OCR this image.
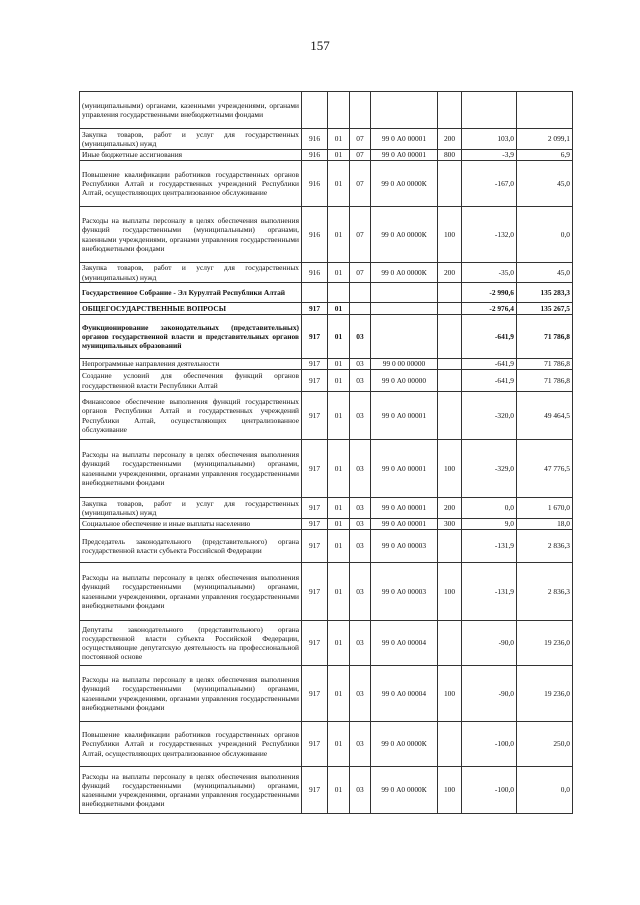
157
(муниципальными) органами, казенными учреждениями, органами управления государственными внебюджетными фондами							
Закупка товаров, работ и услуг для государственных (муниципальных) нужд	916	01	07	99 0 А0 00001	200	103,0	2 099,1
Иные бюджетные ассигнования	916	01	07	99 0 А0 00001	800	-3,9	6,9
Повышение квалификации работников государственных органов Республики Алтай и государственных учреждений Республики Алтай, осуществляющих централизованное обслуживание	916	01	07	99 0 А0 0000К		-167,0	45,0
Расходы на выплаты персоналу в целях обеспечения выполнения функций государственными (муниципальными) органами, казенными учреждениями, органами управления государственными внебюджетными фондами	916	01	07	99 0 А0 0000К	100	-132,0	0,0
Закупка товаров, работ и услуг для государственных (муниципальных) нужд	916	01	07	99 0 А0 0000К	200	-35,0	45,0
Государственное Собрание - Эл Курултай Республики Алтай						-2 990,6	135 283,3
ОБЩЕГОСУДАРСТВЕННЫЕ ВОПРОСЫ	917	01				-2 976,4	135 267,5
Функционирование законодательных (представительных) органов государственной власти и представительных органов муниципальных образований	917	01	03			-641,9	71 786,8
Непрограммные направления деятельности	917	01	03	99 0 00 00000		-641,9	71 786,8
Создание условий для обеспечения функций органов государственной власти Республики Алтай	917	01	03	99 0 А0 00000		-641,9	71 786,8
Финансовое обеспечение выполнения функций государственных органов Республики Алтай и государственных учреждений Республики Алтай, осуществляющих централизованное обслуживание	917	01	03	99 0 А0 00001		-320,0	49 464,5
Расходы на выплаты персоналу в целях обеспечения выполнения функций государственными (муниципальными) органами, казенными учреждениями, органами управления государственными внебюджетными фондами	917	01	03	99 0 А0 00001	100	-329,0	47 776,5
Закупка товаров, работ и услуг для государственных (муниципальных) нужд	917	01	03	99 0 А0 00001	200	0,0	1 670,0
Социальное обеспечение и иные выплаты населению	917	01	03	99 0 А0 00001	300	9,0	18,0
Председатель законодательного (представительного) органа государственной власти субъекта Российской Федерации	917	01	03	99 0 А0 00003		-131,9	2 836,3
Расходы на выплаты персоналу в целях обеспечения выполнения функций государственными (муниципальными) органами, казенными учреждениями, органами управления государственными внебюджетными фондами	917	01	03	99 0 А0 00003	100	-131,9	2 836,3
Депутаты законодательного (представительного) органа государственной власти субъекта Российской Федерации, осуществляющие депутатскую деятельность на профессиональной постоянной основе	917	01	03	99 0 А0 00004		-90,0	19 236,0
Расходы на выплаты персоналу в целях обеспечения выполнения функций государственными (муниципальными) органами, казенными учреждениями, органами управления государственными внебюджетными фондами	917	01	03	99 0 А0 00004	100	-90,0	19 236,0
Повышение квалификации работников государственных органов Республики Алтай и государственных учреждений Республики Алтай, осуществляющих централизованное обслуживание	917	01	03	99 0 А0 0000К		-100,0	250,0
Расходы на выплаты персоналу в целях обеспечения выполнения функций государственными (муниципальными) органами, казенными учреждениями, органами управления государственными внебюджетными фондами	917	01	03	99 0 А0 0000К	100	-100,0	0,0
